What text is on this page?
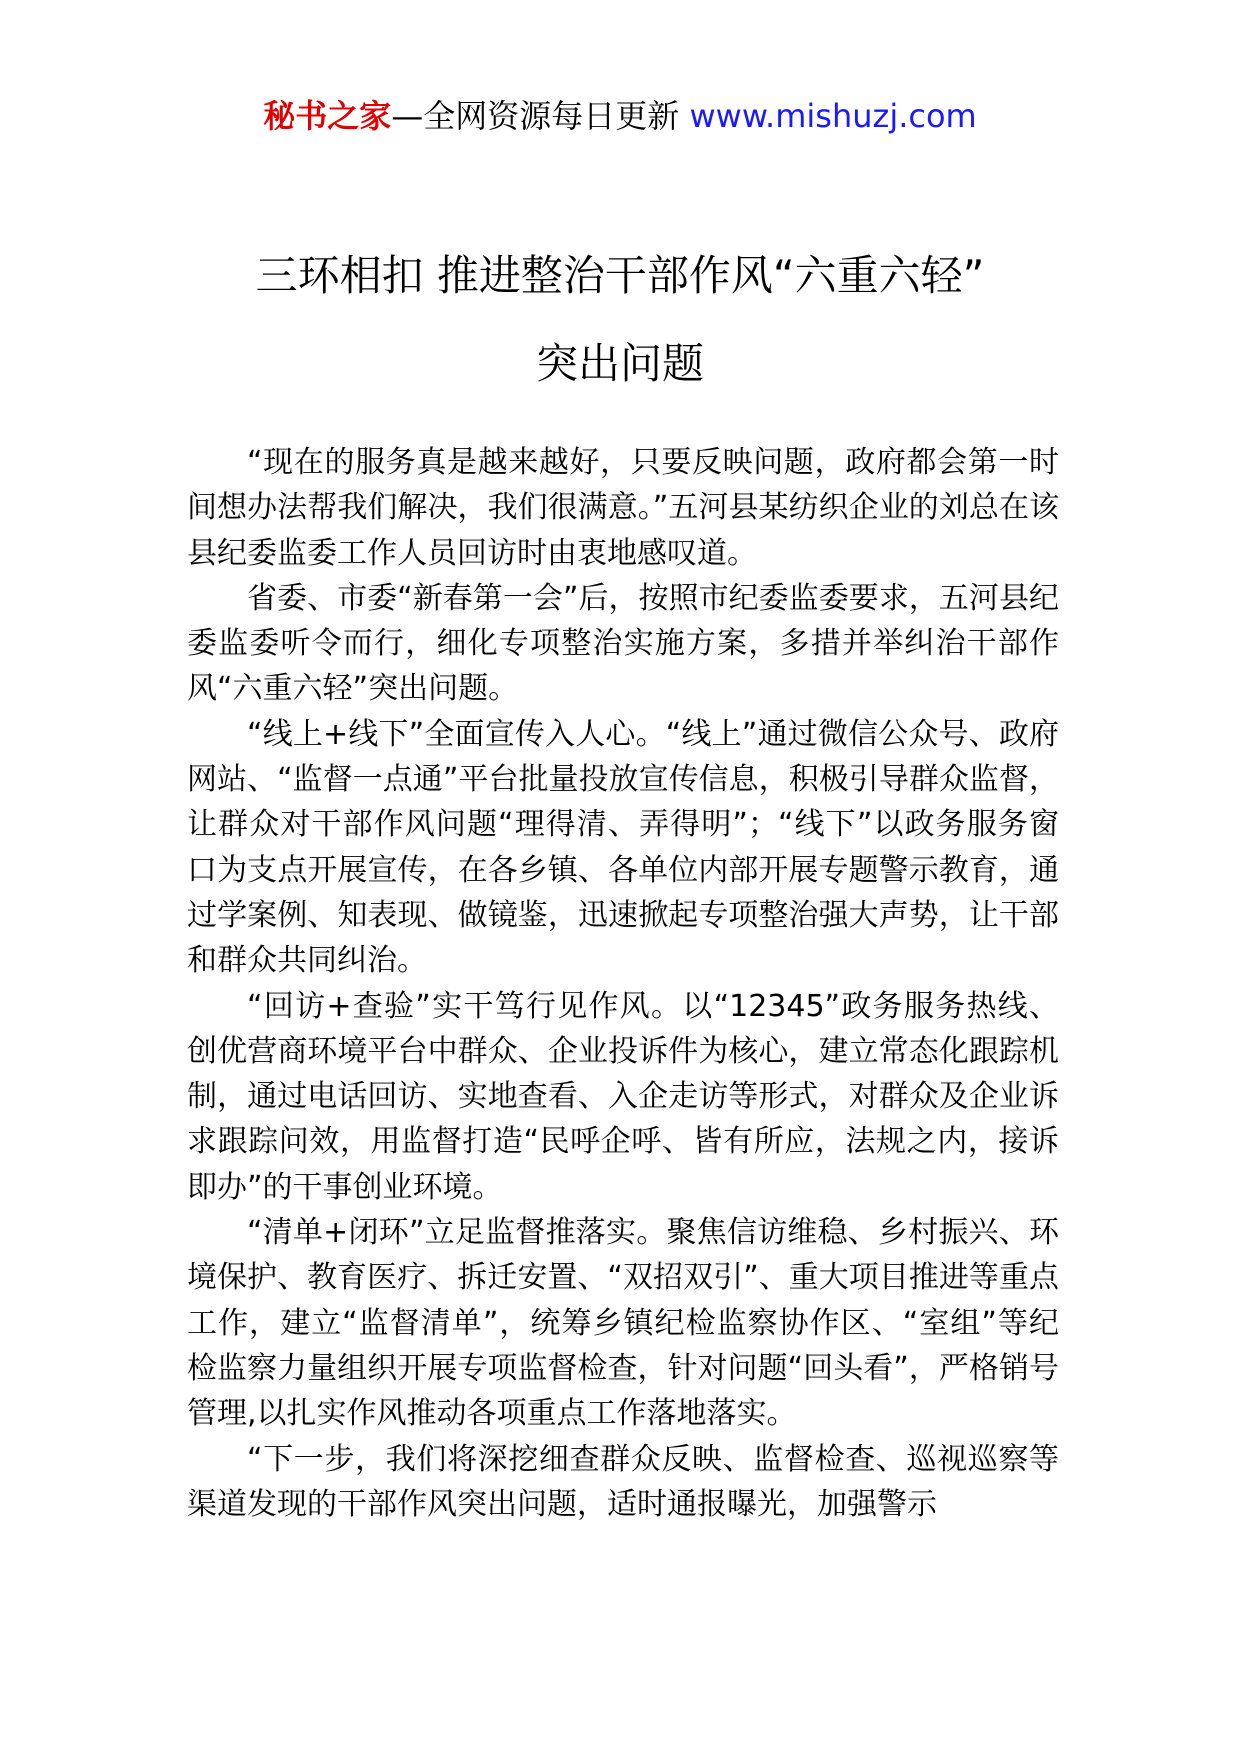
秘书之家—全网资源每日更新 www.mishuzj.com
三环相扣 推进整治干部作风“六重六轻”
突出问题

“现在的服务真是越来越好，只要反映问题，政府都会第一时间想办法帮我们解决，我们很满意。”五河县某纺织企业的刘总在该县纪委监委工作人员回访时由衷地感叹道。

省委、市委“新春第一会”后，按照市纪委监委要求，五河县纪委监委听令而行，细化专项整治实施方案，多措并举纠治干部作风“六重六轻”突出问题。

“线上+线下”全面宣传入人心。“线上”通过微信公众号、政府网站、“监督一点通”平台批量投放宣传信息，积极引导群众监督，让群众对干部作风问题“理得清、弄得明”；“线下”以政务服务窗口为支点开展宣传，在各乡镇、各单位内部开展专题警示教育，通过学案例、知表现、做镜鉴，迅速掀起专项整治强大声势，让干部和群众共同纠治。

“回访+查验”实干笃行见作风。以“12345”政务服务热线、创优营商环境平台中群众、企业投诉件为核心，建立常态化跟踪机制，通过电话回访、实地查看、入企走访等形式，对群众及企业诉求跟踪问效，用监督打造“民呼企呼、皆有所应，法规之内，接诉即办”的干事创业环境。

“清单+闭环”立足监督推落实。聚焦信访维稳、乡村振兴、环境保护、教育医疗、拆迁安置、“双招双引”、重大项目推进等重点工作，建立“监督清单”，统筹乡镇纪检监察协作区、“室组”等纪检监察力量组织开展专项监督检查，针对问题“回头看”，严格销号管理,以扎实作风推动各项重点工作落地落实。

“下一步，我们将深挖细查群众反映、监督检查、巡视巡察等渠道发现的干部作风突出问题，适时通报曝光，加强警示
